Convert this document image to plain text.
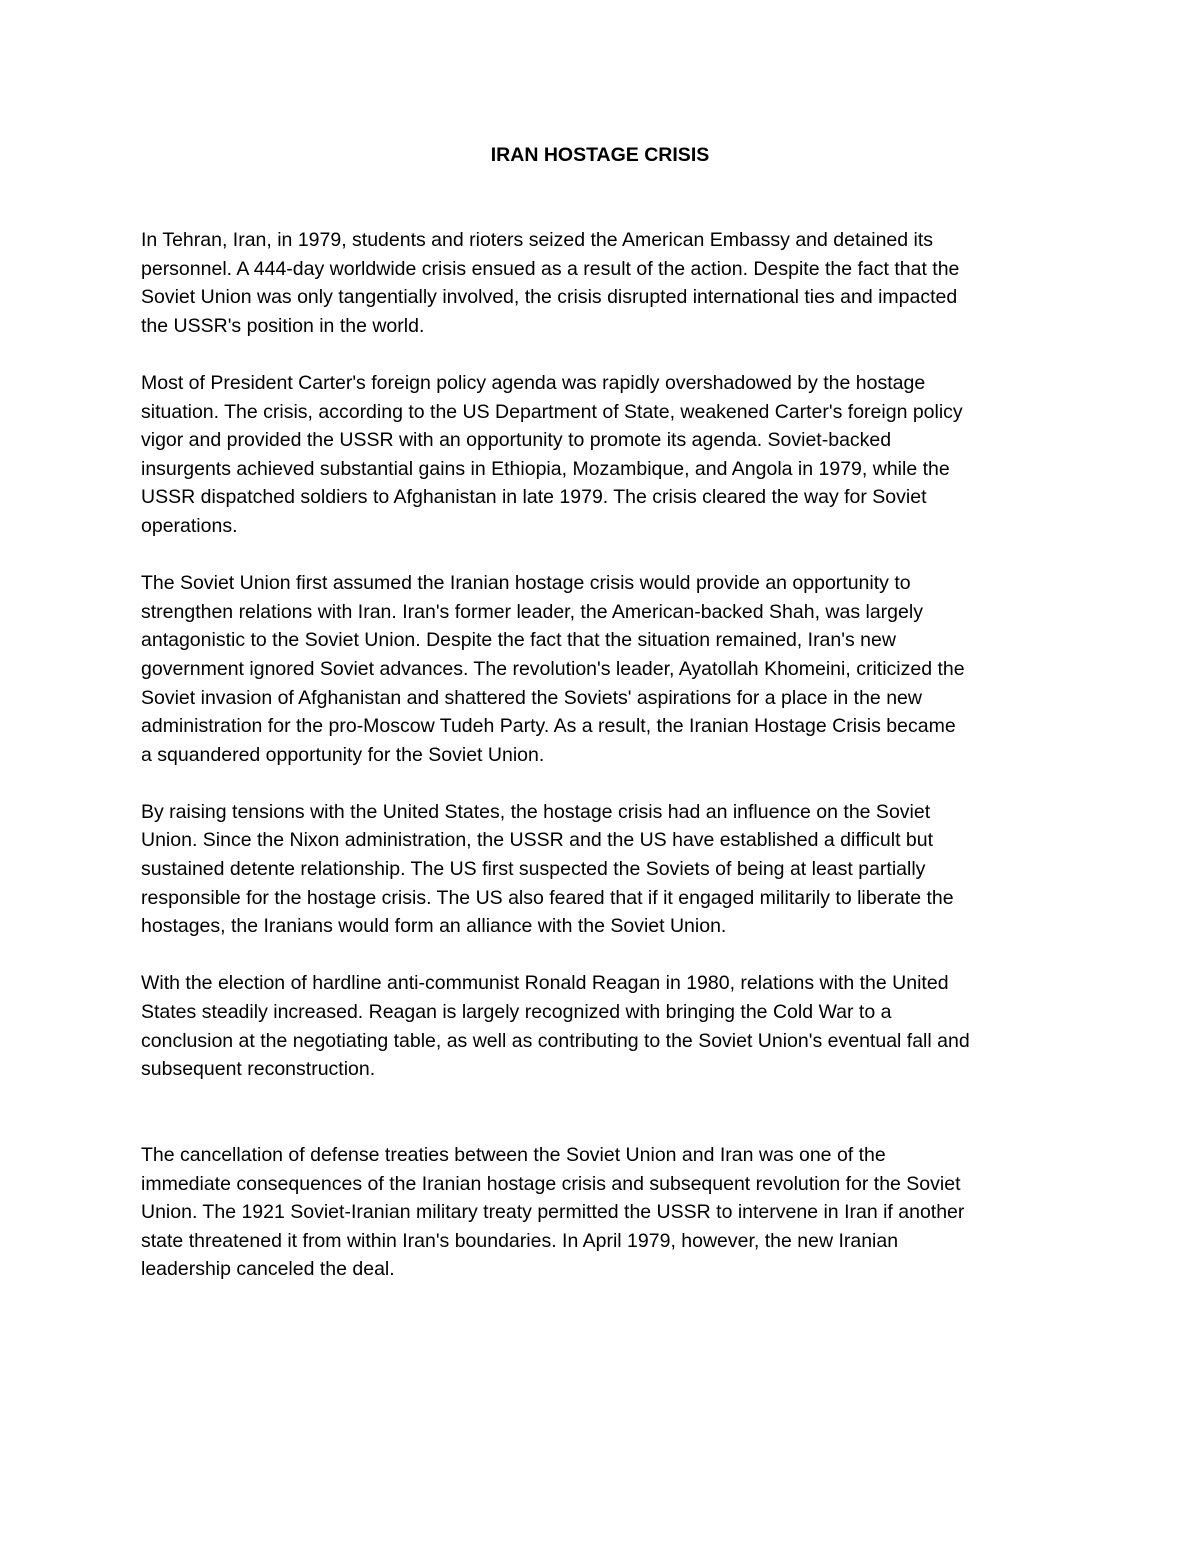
IRAN HOSTAGE CRISIS

In Tehran, Iran, in 1979, students and rioters seized the American Embassy and detained its
personnel. A 444-day worldwide crisis ensued as a result of the action. Despite the fact that the
Soviet Union was only tangentially involved, the crisis disrupted international ties and impacted
the USSR's position in the world.

Most of President Carter's foreign policy agenda was rapidly overshadowed by the hostage
situation. The crisis, according to the US Department of State, weakened Carter's foreign policy
vigor and provided the USSR with an opportunity to promote its agenda. Soviet-backed
insurgents achieved substantial gains in Ethiopia, Mozambique, and Angola in 1979, while the
USSR dispatched soldiers to Afghanistan in late 1979. The crisis cleared the way for Soviet
operations.

The Soviet Union first assumed the Iranian hostage crisis would provide an opportunity to
strengthen relations with Iran. Iran's former leader, the American-backed Shah, was largely
antagonistic to the Soviet Union. Despite the fact that the situation remained, Iran's new
government ignored Soviet advances. The revolution's leader, Ayatollah Khomeini, criticized the
Soviet invasion of Afghanistan and shattered the Soviets' aspirations for a place in the new
administration for the pro-Moscow Tudeh Party. As a result, the Iranian Hostage Crisis became
a squandered opportunity for the Soviet Union.

By raising tensions with the United States, the hostage crisis had an influence on the Soviet
Union. Since the Nixon administration, the USSR and the US have established a difficult but
sustained detente relationship. The US first suspected the Soviets of being at least partially
responsible for the hostage crisis. The US also feared that if it engaged militarily to liberate the
hostages, the Iranians would form an alliance with the Soviet Union.

With the election of hardline anti-communist Ronald Reagan in 1980, relations with the United
States steadily increased. Reagan is largely recognized with bringing the Cold War to a
conclusion at the negotiating table, as well as contributing to the Soviet Union's eventual fall and
subsequent reconstruction.

The cancellation of defense treaties between the Soviet Union and Iran was one of the
immediate consequences of the Iranian hostage crisis and subsequent revolution for the Soviet
Union. The 1921 Soviet-Iranian military treaty permitted the USSR to intervene in Iran if another
state threatened it from within Iran's boundaries. In April 1979, however, the new Iranian
leadership canceled the deal.
